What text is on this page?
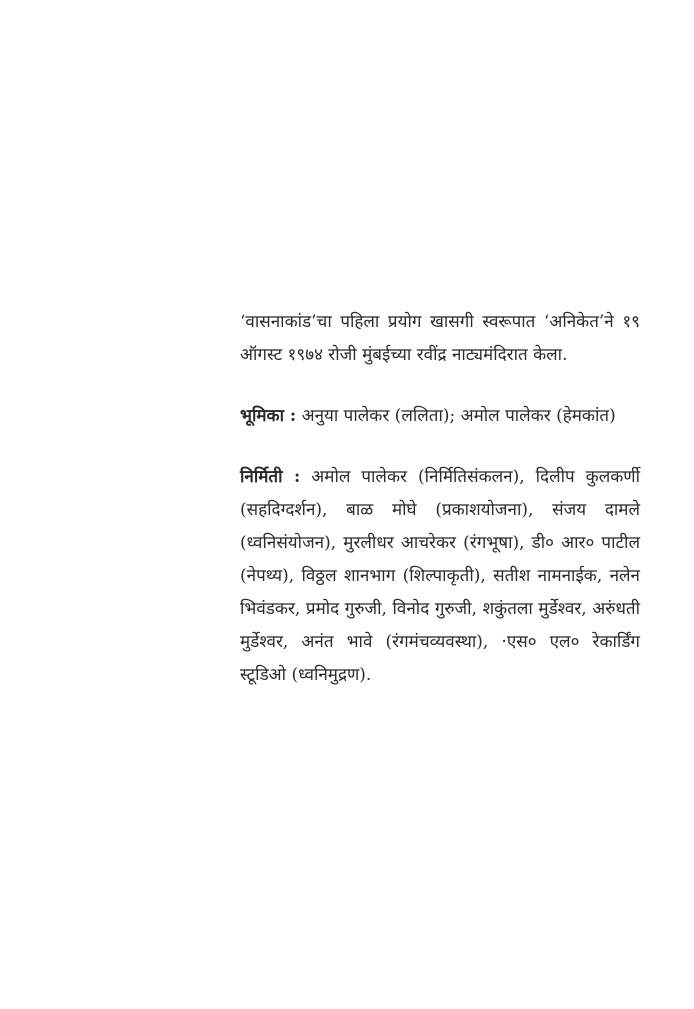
‘वासनाकांड’चा पहिला प्रयोग खासगी स्वरूपात ‘अनिकेत’ने १९ ऑगस्ट १९७४ रोजी मुंबईच्या रवींद्र नाट्यमंदिरात केला.

भूमिका : अनुया पालेकर (ललिता); अमोल पालेकर (हेमकांत)

निर्मिती : अमोल पालेकर (निर्मितिसंकलन), दिलीप कुलकर्णी (सहदिग्दर्शन), बाळ मोघे (प्रकाशयोजना), संजय दामले (ध्वनिसंयोजन), मुरलीधर आचरेकर (रंगभूषा), डी० आर० पाटील (नेपथ्य), विठ्ठल शानभाग (शिल्पाकृती), सतीश नामनाईक, नलेन भिवंडकर, प्रमोद गुरुजी, विनोद गुरुजी, शकुंतला मुर्डेश्वर, अरुंधती मुर्डेश्वर, अनंत भावे (रंगमंचव्यवस्था), ·एस० एल० रेकार्डिंग स्टूडिओ (ध्वनिमुद्रण).
